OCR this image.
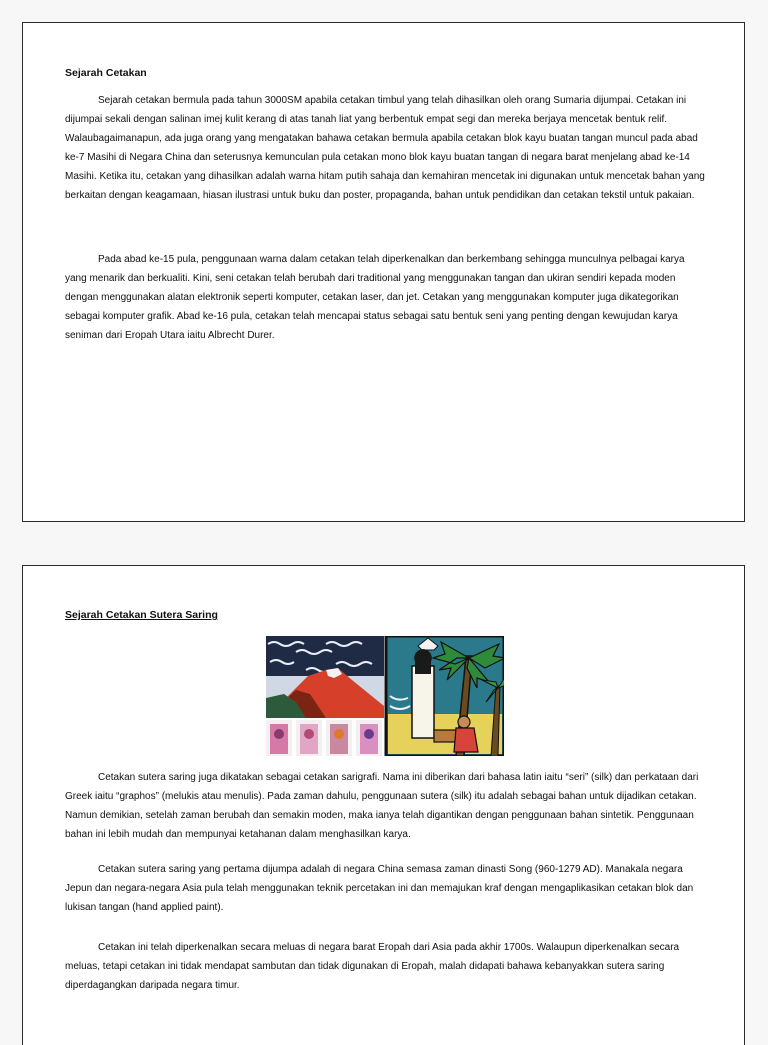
Sejarah Cetakan

Sejarah cetakan bermula pada tahun 3000SM apabila cetakan timbul yang telah dihasilkan oleh orang Sumaria dijumpai. Cetakan ini dijumpai sekali dengan salinan imej kulit kerang di atas tanah liat yang berbentuk empat segi dan mereka berjaya mencetak bentuk relif. Walaubagaimanapun, ada juga orang yang mengatakan bahawa cetakan bermula apabila cetakan blok kayu buatan tangan muncul pada abad ke-7 Masihi di Negara China dan seterusnya kemunculan pula cetakan mono blok kayu buatan tangan di negara barat menjelang abad ke-14 Masihi. Ketika itu, cetakan yang dihasilkan adalah warna hitam putih sahaja dan kemahiran mencetak ini digunakan untuk mencetak bahan yang berkaitan dengan keagamaan, hiasan ilustrasi untuk buku dan poster, propaganda, bahan untuk pendidikan dan cetakan tekstil untuk pakaian.

Pada abad ke-15 pula, penggunaan warna dalam cetakan telah diperkenalkan dan berkembang sehingga munculnya pelbagai karya yang menarik dan berkualiti. Kini, seni cetakan telah berubah dari traditional yang menggunakan tangan dan ukiran sendiri kepada moden dengan menggunakan alatan elektronik seperti komputer, cetakan laser, dan jet. Cetakan yang menggunakan komputer juga dikategorikan sebagai komputer grafik. Abad ke-16 pula, cetakan telah mencapai status sebagai satu bentuk seni yang penting dengan kewujudan karya seniman dari Eropah Utara iaitu Albrecht Durer.

Sejarah Cetakan Sutera Saring

Cetakan sutera saring juga dikatakan sebagai cetakan sarigrafi. Nama ini diberikan dari bahasa latin iaitu “seri” (silk) dan perkataan dari Greek iaitu “graphos” (melukis atau menulis). Pada zaman dahulu, penggunaan sutera (silk) itu adalah sebagai bahan untuk dijadikan cetakan. Namun demikian, setelah zaman berubah dan semakin moden, maka ianya telah digantikan dengan penggunaan bahan sintetik. Penggunaan bahan ini lebih mudah dan mempunyai ketahanan dalam menghasilkan karya.

Cetakan sutera saring yang pertama dijumpa adalah di negara China semasa zaman dinasti Song (960-1279 AD). Manakala negara Jepun dan negara-negara Asia pula telah menggunakan teknik percetakan ini dan memajukan kraf dengan mengaplikasikan cetakan blok dan lukisan tangan (hand applied paint).

Cetakan ini telah diperkenalkan secara meluas di negara barat Eropah dari Asia pada akhir 1700s. Walaupun diperkenalkan secara meluas, tetapi cetakan ini tidak mendapat sambutan dan tidak digunakan di Eropah, malah didapati bahawa kebanyakkan sutera saring diperdagangkan daripada negara timur.
